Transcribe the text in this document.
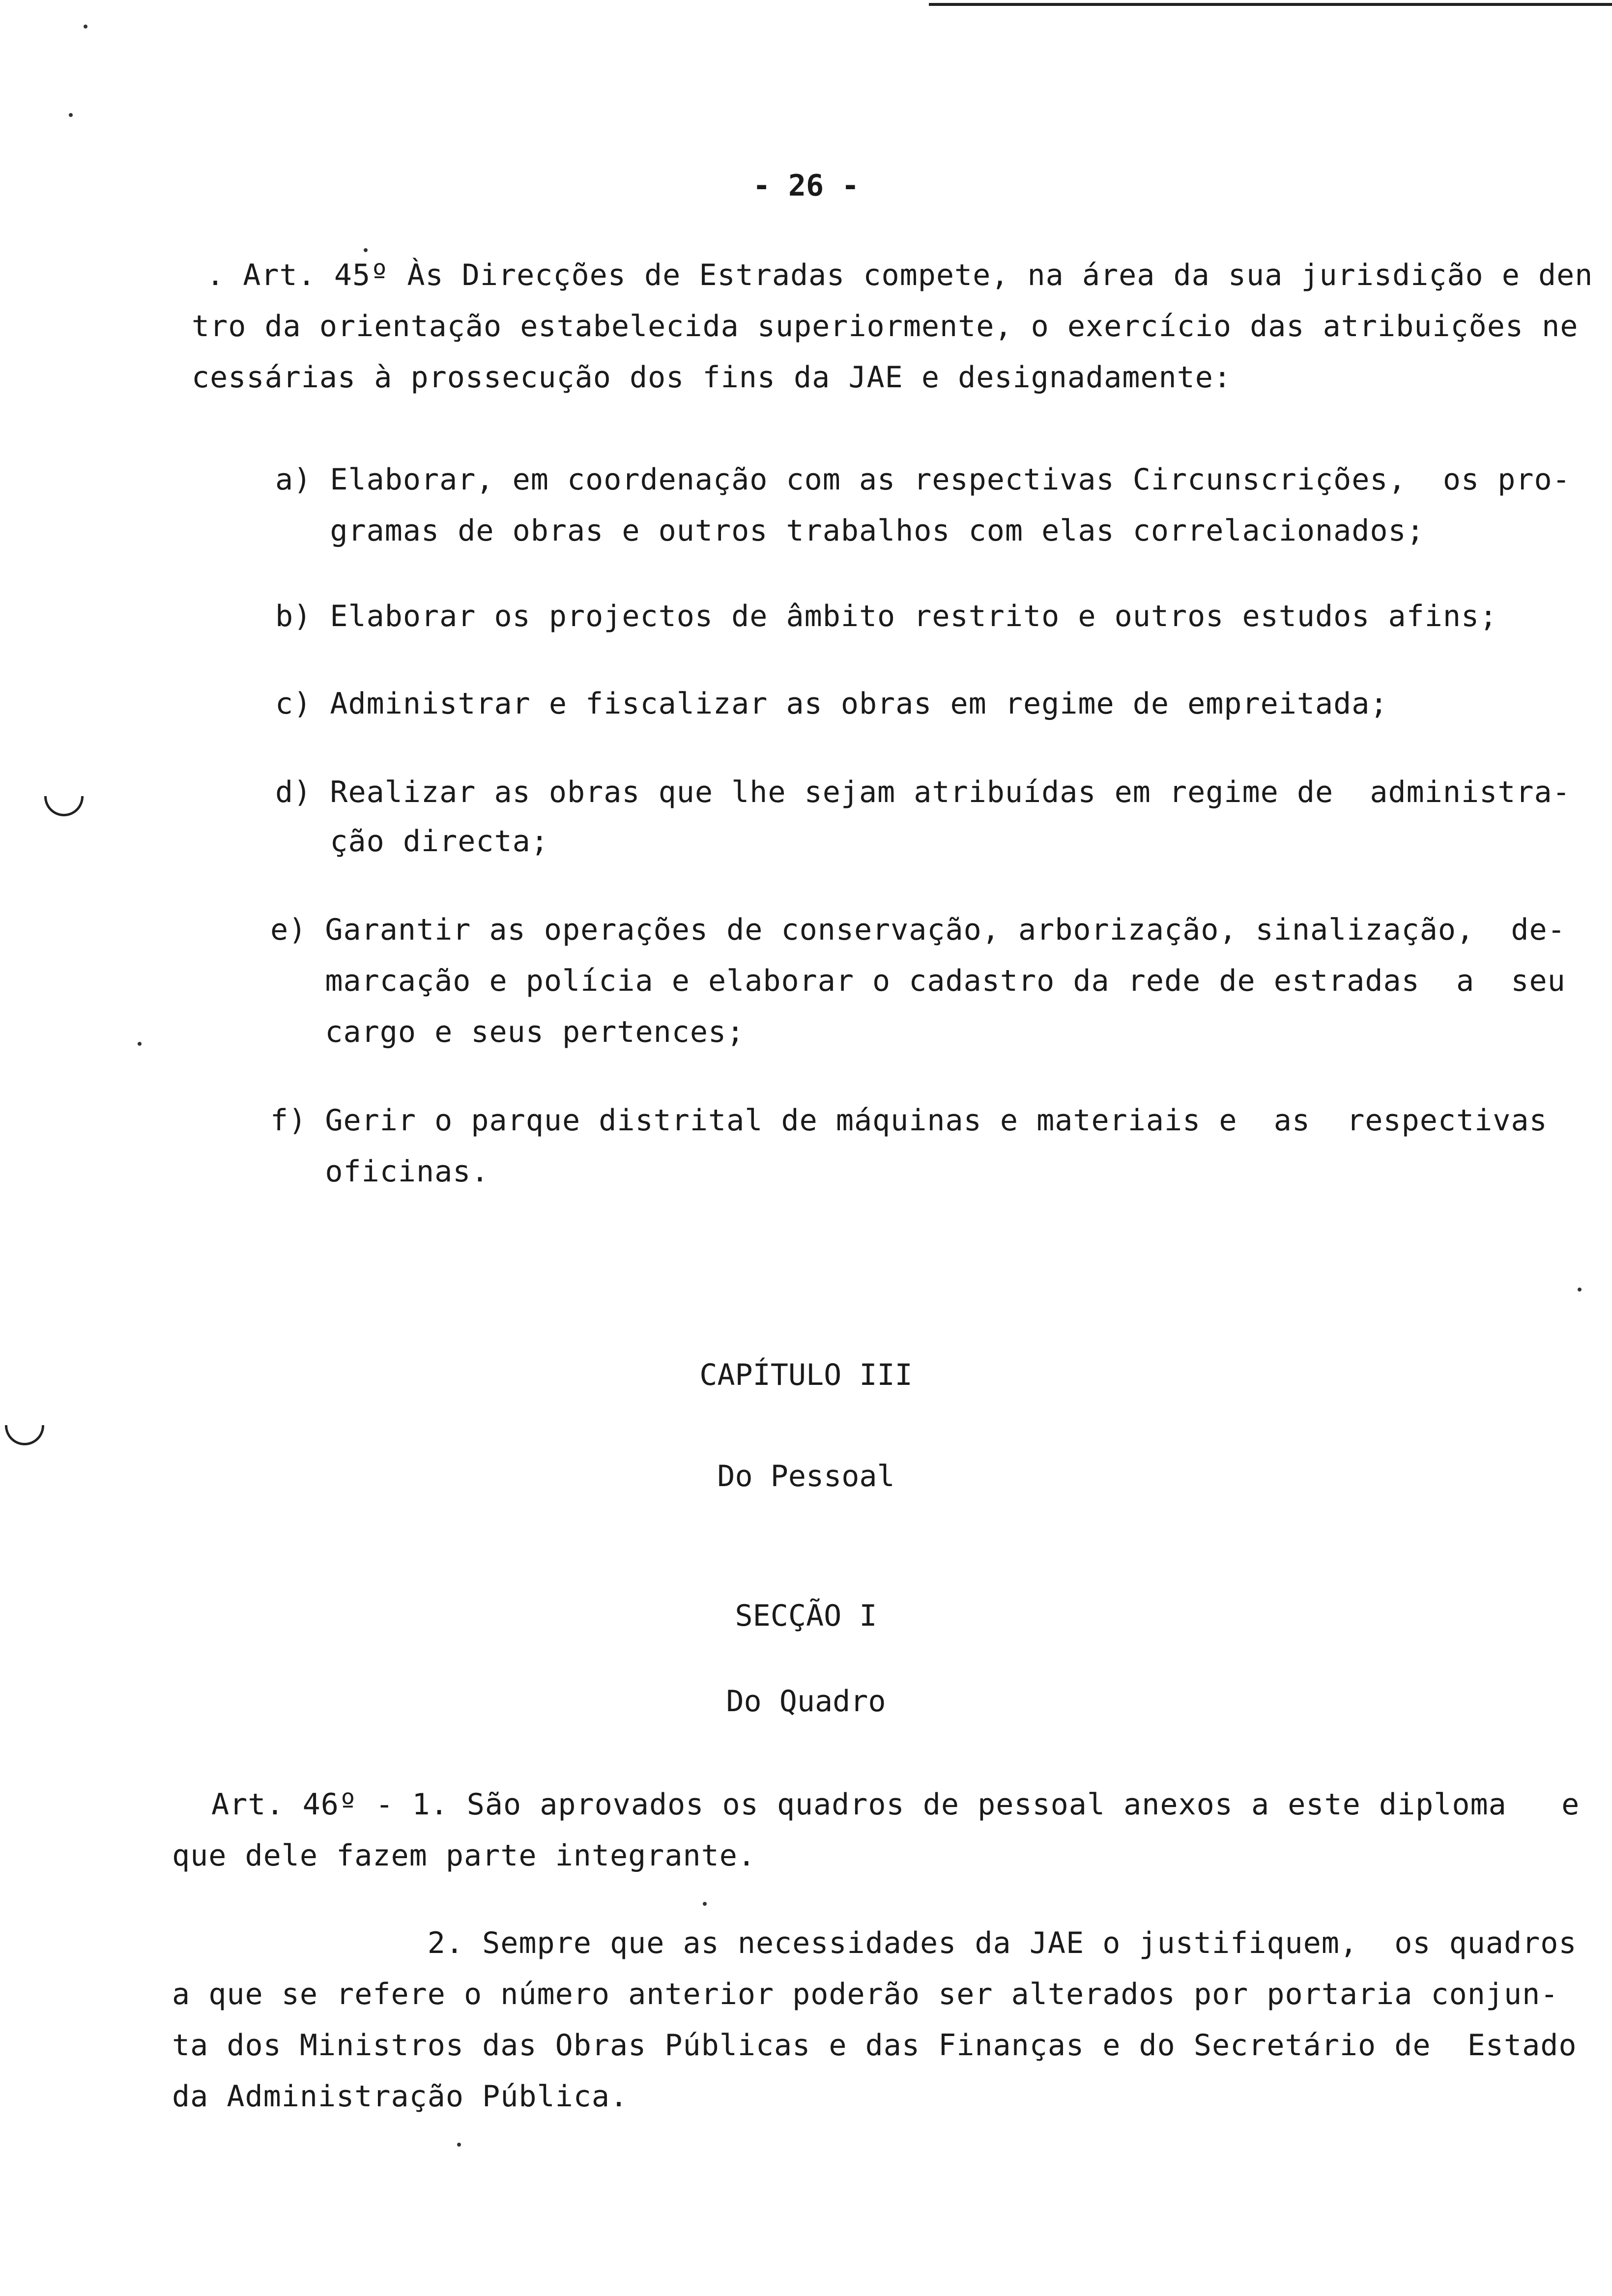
- 26 -
. Art. 45º Às Direcções de Estradas compete, na área da sua jurisdição e den
tro da orientação estabelecida superiormente, o exercício das atribuições ne
cessárias à prossecução dos fins da JAE e designadamente:
a) Elaborar, em coordenação com as respectivas Circunscrições,  os pro-
gramas de obras e outros trabalhos com elas correlacionados;
b) Elaborar os projectos de âmbito restrito e outros estudos afins;
c) Administrar e fiscalizar as obras em regime de empreitada;
d) Realizar as obras que lhe sejam atribuídas em regime de  administra-
ção directa;
e) Garantir as operações de conservação, arborização, sinalização,  de-
marcação e polícia e elaborar o cadastro da rede de estradas  a  seu
cargo e seus pertences;
f) Gerir o parque distrital de máquinas e materiais e  as  respectivas
oficinas.
CAPÍTULO III
Do Pessoal
SECÇÃO I
Do Quadro
Art. 46º - 1. São aprovados os quadros de pessoal anexos a este diploma   e
que dele fazem parte integrante.
2. Sempre que as necessidades da JAE o justifiquem,  os quadros
a que se refere o número anterior poderão ser alterados por portaria conjun-
ta dos Ministros das Obras Públicas e das Finanças e do Secretário de  Estado
da Administração Pública.
